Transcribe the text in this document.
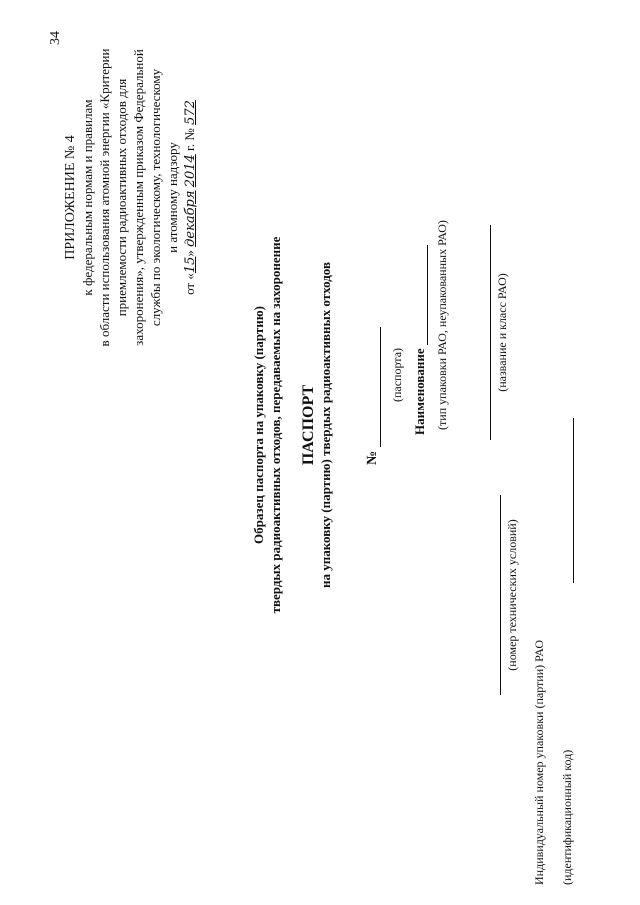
34
ПРИЛОЖЕНИЕ № 4 к федеральным нормам и правилам в области использования атомной энергии «Критерии приемлемости радиоактивных отходов для захоронения», утвержденным приказом Федеральной службы по экологическому, технологическому и атомному надзору
от «15» декабря 2014 г. № 572
Образец паспорта на упаковку (партию) твердых радиоактивных отходов, передаваемых на захоронение ПАСПОРТ на упаковку (партию) твердых радиоактивных отходов №
(паспорта) Наименование (тип упаковки РАО, неупакованных РАО)
(номер технических условий)
(название и класс РАО)
Индивидуальный номер упаковки (партии) РАО (идентификационный код)
